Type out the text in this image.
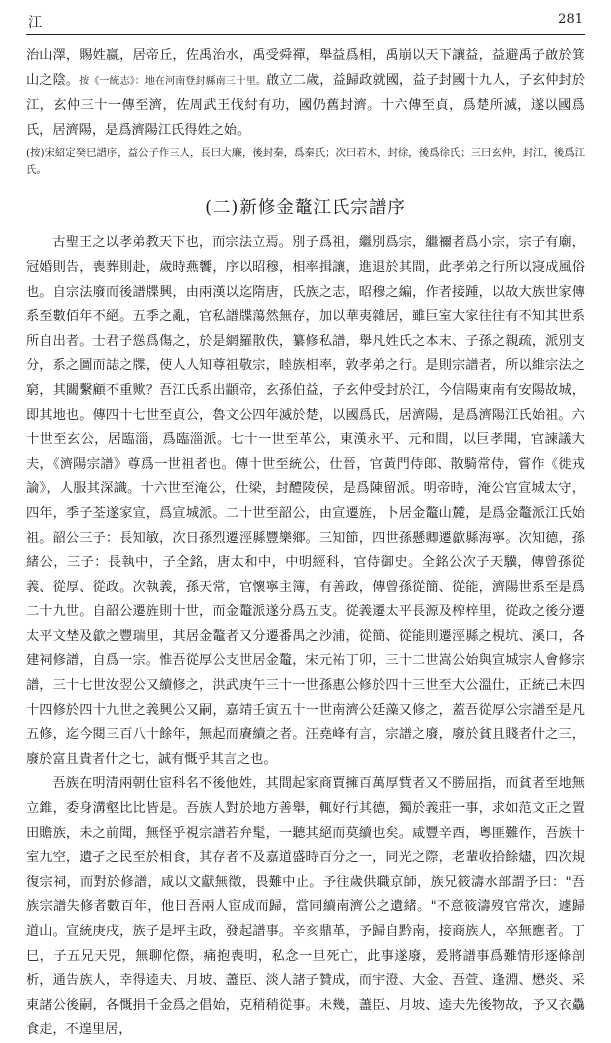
江	281

治山澤，賜姓嬴，居帝丘，佐禹治水，禹受舜禪，舉益爲相，禹崩以天下讓益，益避禹子啟於箕山之陰。按《一統志》：地在河南登封縣南三十里。啟立二歲，益歸政就國，益子封國十九人，子玄仲封於江，玄仲三十一傳至濟，佐周武王伐紂有功，國仍舊封濟。十六傳至貞，爲楚所滅，遂以國爲氏，居濟陽，是爲濟陽江氏得姓之始。

(按)宋紹定癸巳譜序，益公子作三人，長曰大廉，後封秦，爲秦氏；次曰若木，封徐，後爲徐氏；三曰玄仲，封江，後爲江氏。

(二)新修金鼇江氏宗譜序

古聖王之以孝弟教天下也，而宗法立焉。別子爲祖，繼別爲宗，繼禰者爲小宗，宗子有廟，冠婚則告，喪葬則赴，歲時燕饗，序以昭穆，相率揖讓，進退於其間，此孝弟之行所以寖成風俗也。自宗法廢而後譜牒興，由兩漢以迄隋唐，氏族之志，昭穆之編，作者接踵，以故大族世家傳系至數佰年不絕。五季之亂，官私譜牒蕩然無存，加以華夷雜居，雖巨室大家往往有不知其世系所自出者。士君子慫爲傷之，於是網羅散佚，纂修私譜，舉凡姓氏之本末、子孫之親疏，派別支分，系之圖而誌之牒，使人人知尊祖敬宗，睦族相率，敦孝弟之行。是則宗譜者，所以維宗法之窮，其關繫顧不重歟？吾江氏系出顓帝，玄孫伯益，子玄仲受封於江，今信陽東南有安陽故城，即其地也。傳四十七世至貞公，魯文公四年滅於楚，以國爲氏，居濟陽，是爲濟陽江氏始祖。六十世至玄公，居臨淄，爲臨淄派。七十一世至革公，東漢永平、元和間，以巨孝聞，官諫議大夫，《濟陽宗譜》尊爲一世祖者也。傳十世至統公，仕晉，官黃門侍郎、散騎常侍，嘗作《徙戎論》，人服其深識。十六世至淹公，仕梁，封醴陵侯，是爲陳留派。明帝時，淹公官宣城太守，四年，季子荃遂家宣，爲宣城派。二十世至韶公，由宣遷旌，卜居金鼇山麓，是爲金鼇派江氏始祖。韶公三子：長知敏，次日孫烈遷涇縣豐樂鄉。三知節，四世孫懸卿遷歙縣海寧。次知德，孫緒公，三子：長執中，子全銘，唐太和中，中明經科，官侍御史。全銘公次子天驥，傳曾孫從義、從厚、從政。次執義，孫天常，官懷寧主簿，有善政，傳曾孫從簡、從能，濟陽世系至是爲二十九世。自韶公遷旌則十世，而金鼇派遂分爲五支。從義遷太平長源及榨梓里，從政之後分遷太平文埜及歙之豐瑞里，其居金鼇者又分遷番禺之沙浦，從簡、從能則遷涇縣之梘坑、溪口，各建祠修譜，自爲一宗。惟吾從厚公支世居金鼇，宋元祐丁卯，三十二世嵩公始與宣城宗人會修宗譜，三十七世汝翌公又續修之，洪武庚午三十一世孫惠公修於四十三世至大公溫仕，正統己未四十四修於四十九世之義興公又嗣，嘉靖壬寅五十一世南濟公廷藻又修之，蓋吾從厚公宗譜至是凡五修，迄今閱三百八十餘年，無起而賡續之者。汪堯峰有言，宗譜之廢，廢於貧且賤者什之三，廢於富且貴者什之七，誠有慨乎其言之也。

吾族在明清兩朝仕宦科名不後他姓，其間起家商賈擁百萬厚貲者又不勝屈指，而貧者至地無立錐，委身溝壑比比皆是。吾族人對於地方善舉，輒好行其德，獨於義莊一事，求如范文正之置田贍族，未之前聞，無怪乎視宗譜若弁髦，一聽其絕而莫續也矣。咸豐辛酉，粵匪難作，吾族十室九空，遺孑之民至於相食，其存者不及嘉道盛時百分之一，同光之際，老輩收拾餘燼，四次規復宗祠，而對於修譜，咸以文獻無徵，畏難中止。予往歲供職京師，族兄筱濤水部謂予曰："吾族宗譜失修者數百年，他日吾兩人宦成而歸，當同續南濟公之遺緒。"不意筱濤歿官常次，遽歸道山。宣統庚戌，族子是坪主政，發起譜事。辛亥鼎革，予歸自黔南，接商族人，卒無應者。丁巳，子五兄天兕，無聊佗傺，痛抱喪明，私念一旦死亡，此事遂廢，爰將譜事爲難情形逐條剖析，通告族人，幸得逵夫、月坡、藎臣、淡人諸子贊成，而宇澄、大金、吾萱、逢淵、懋炎、采東諸公後嗣，各慨捐千金爲之倡始，克稍稍從事。未幾，藎臣、月坡、逵夫先後物故，予又衣驫食走，不遑里居，
